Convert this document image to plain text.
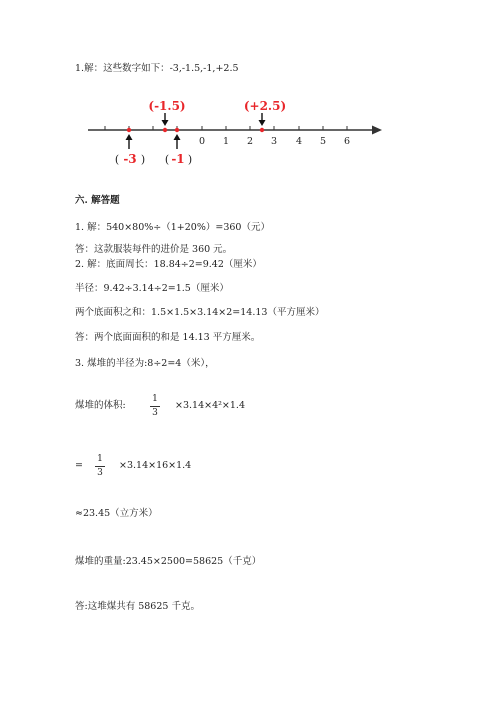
1.解：这些数字如下：-3,-1.5,-1,+2.5
0 1 2 3 4 5 6
(-1.5)	(+2.5)
( -3 ) ( -1 )
六. 解答题
1. 解：540×80%÷（1+20%）=360（元）
答：这款服装每件的进价是 360 元。
2. 解：底面周长：18.84÷2=9.42（厘米）
半径：9.42÷3.14÷2=1.5（厘米）
两个底面积之和：1.5×1.5×3.14×2=14.13（平方厘米）
答：两个底面面积的和是 14.13 平方厘米。
3. 煤堆的半径为:8÷2=4（米），
煤堆的体积:
1
3
×3.14×4²×1.4
=
1
3
×3.14×16×1.4
≈23.45（立方米）
煤堆的重量:23.45×2500=58625（千克）
答:这堆煤共有 58625 千克。
